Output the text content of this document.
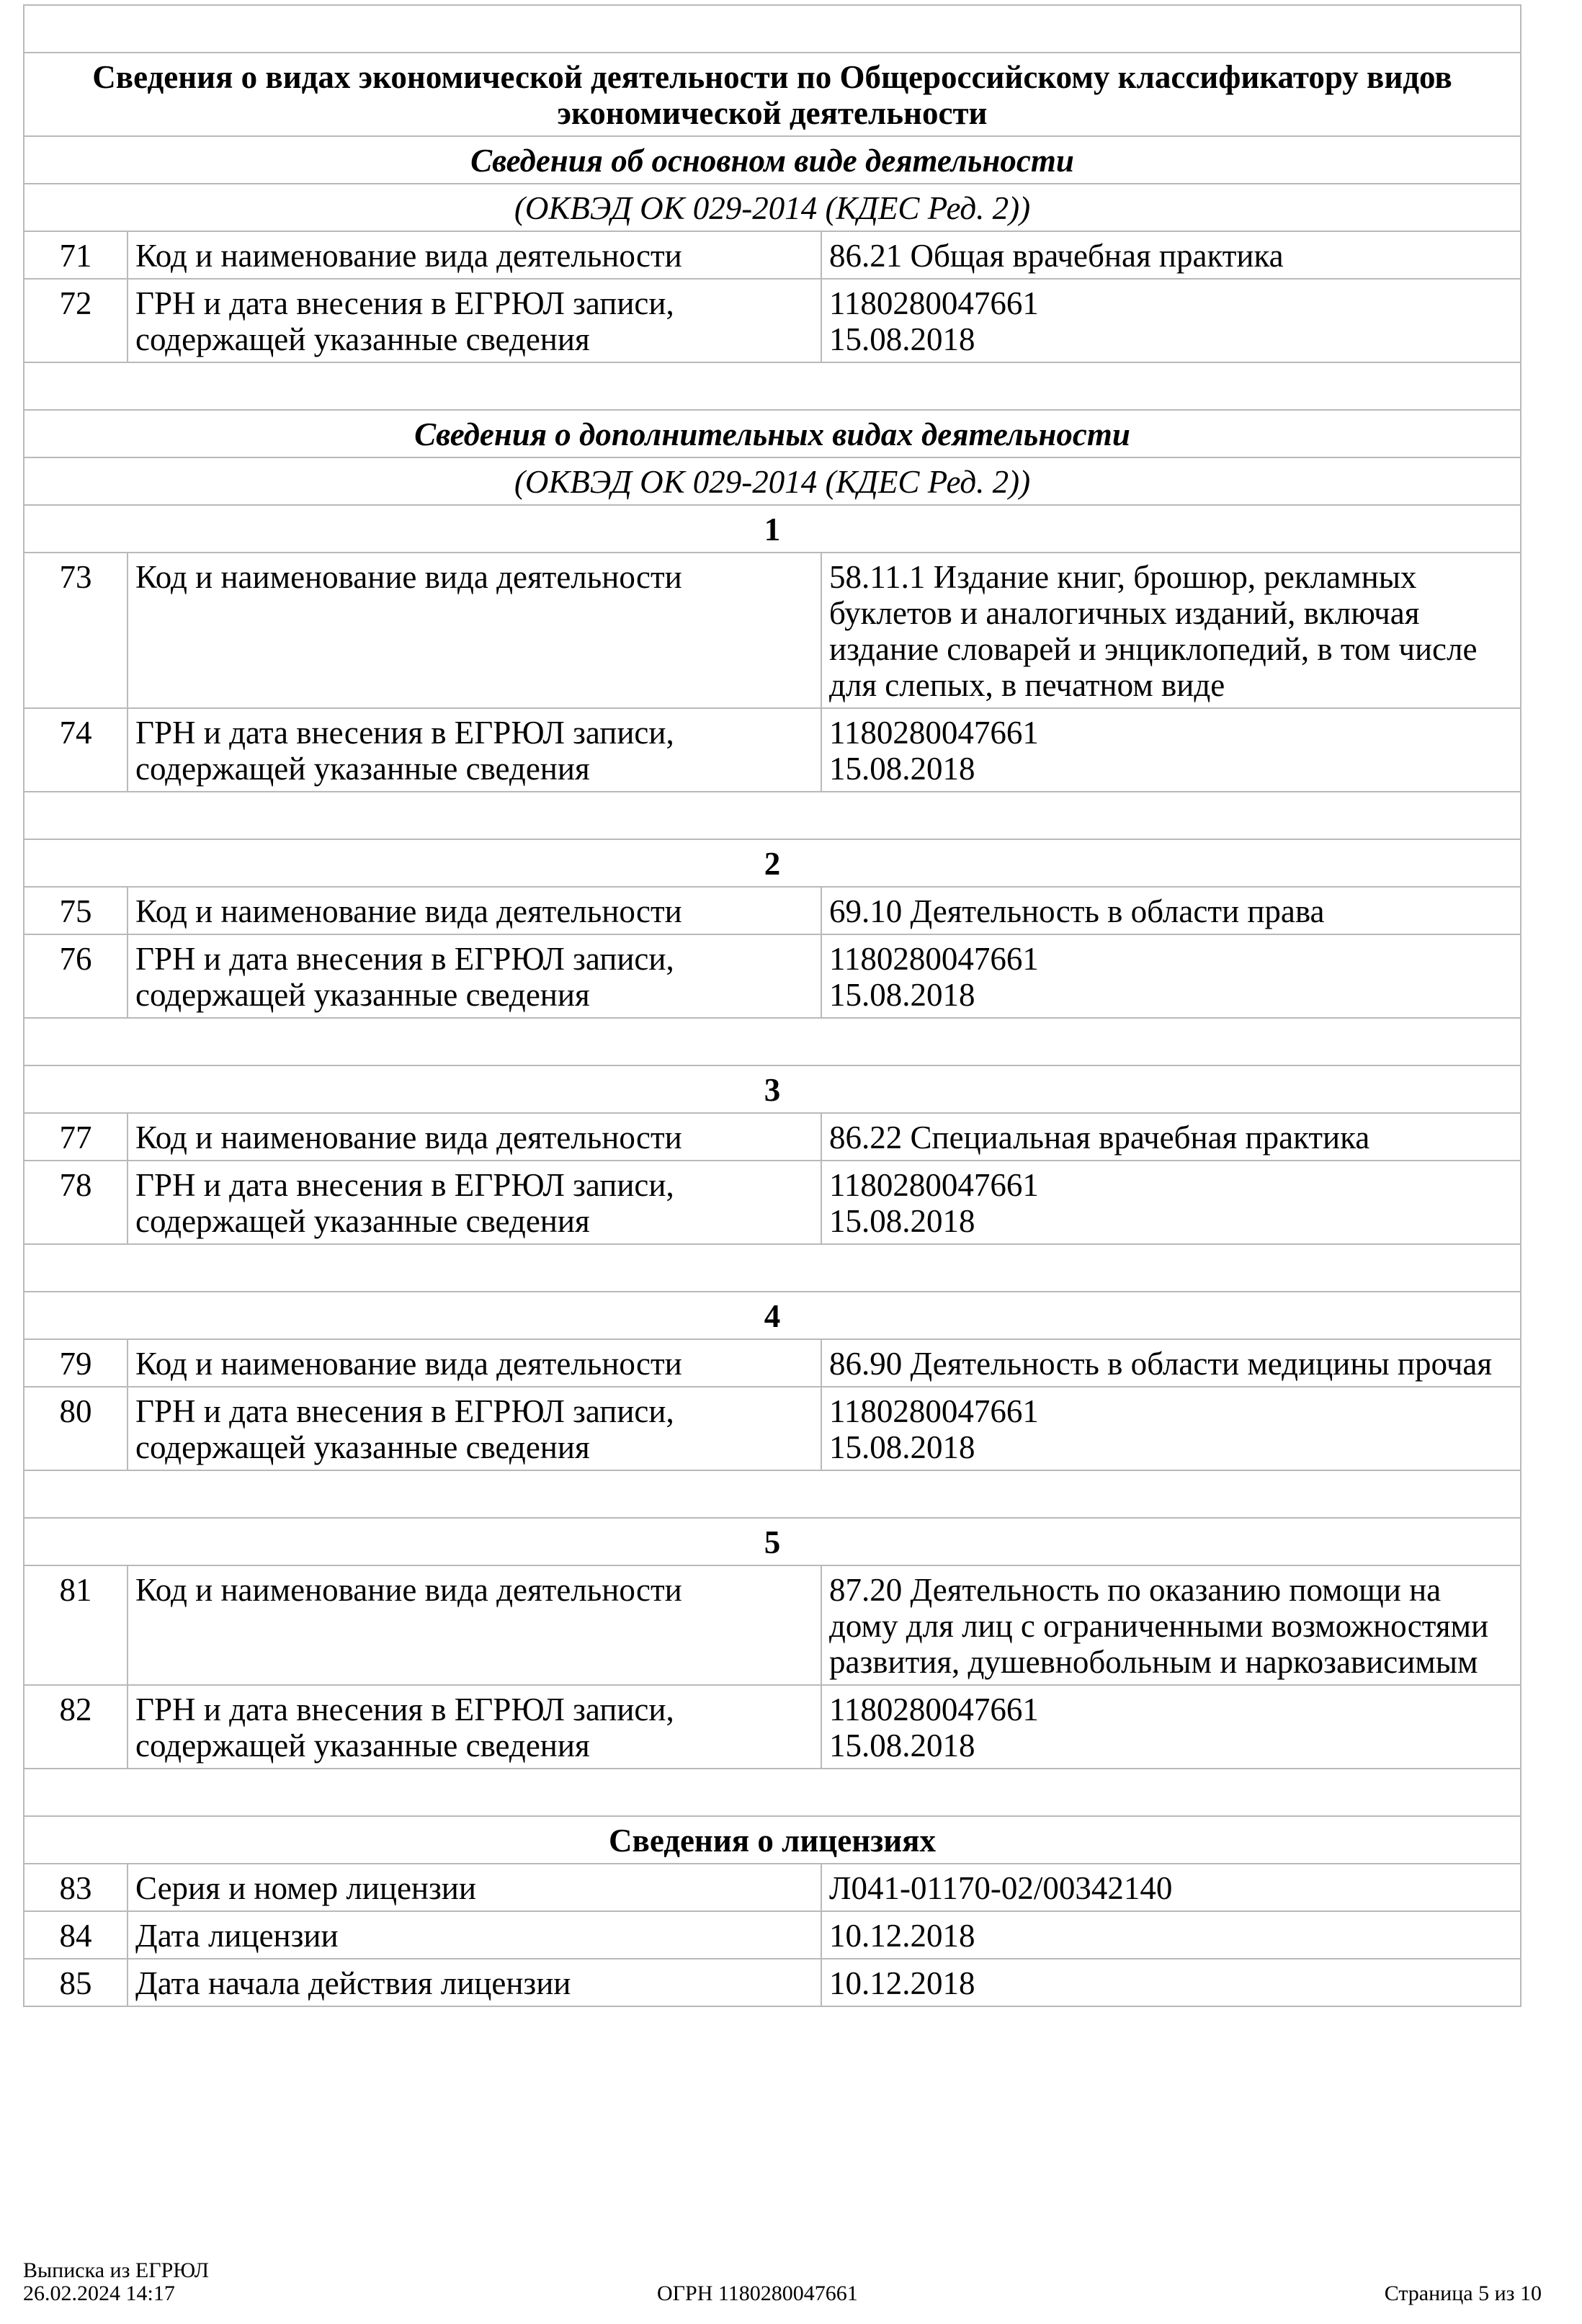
Сведения о видах экономической деятельности по Общероссийскому классификатору видов экономической деятельности		
Сведения об основном виде деятельности		
(ОКВЭД ОК 029-2014 (КДЕС Ред. 2))		
71	Код и наименование вида деятельности	86.21 Общая врачебная практика
72	ГРН и дата внесения в ЕГРЮЛ записи, содержащей указанные сведения	1180280047661
15.08.2018

Сведения о дополнительных видах деятельности		
(ОКВЭД ОК 029-2014 (КДЕС Ред. 2))		
1		
73	Код и наименование вида деятельности	58.11.1 Издание книг, брошюр, рекламных буклетов и аналогичных изданий, включая издание словарей и энциклопедий, в том числе для слепых, в печатном виде
74	ГРН и дата внесения в ЕГРЮЛ записи, содержащей указанные сведения	1180280047661
15.08.2018

2		
75	Код и наименование вида деятельности	69.10 Деятельность в области права
76	ГРН и дата внесения в ЕГРЮЛ записи, содержащей указанные сведения	1180280047661
15.08.2018

3		
77	Код и наименование вида деятельности	86.22 Специальная врачебная практика
78	ГРН и дата внесения в ЕГРЮЛ записи, содержащей указанные сведения	1180280047661
15.08.2018

4		
79	Код и наименование вида деятельности	86.90 Деятельность в области медицины прочая
80	ГРН и дата внесения в ЕГРЮЛ записи, содержащей указанные сведения	1180280047661
15.08.2018

5		
81	Код и наименование вида деятельности	87.20 Деятельность по оказанию помощи на дому для лиц с ограниченными возможностями развития, душевнобольным и наркозависимым
82	ГРН и дата внесения в ЕГРЮЛ записи, содержащей указанные сведения	1180280047661
15.08.2018

Сведения о лицензиях		
83	Серия и номер лицензии	Л041-01170-02/00342140
84	Дата лицензии	10.12.2018
85	Дата начала действия лицензии	10.12.2018
Выписка из ЕГРЮЛ
26.02.2024 14:17	ОГРН 1180280047661	Страница 5 из 10
